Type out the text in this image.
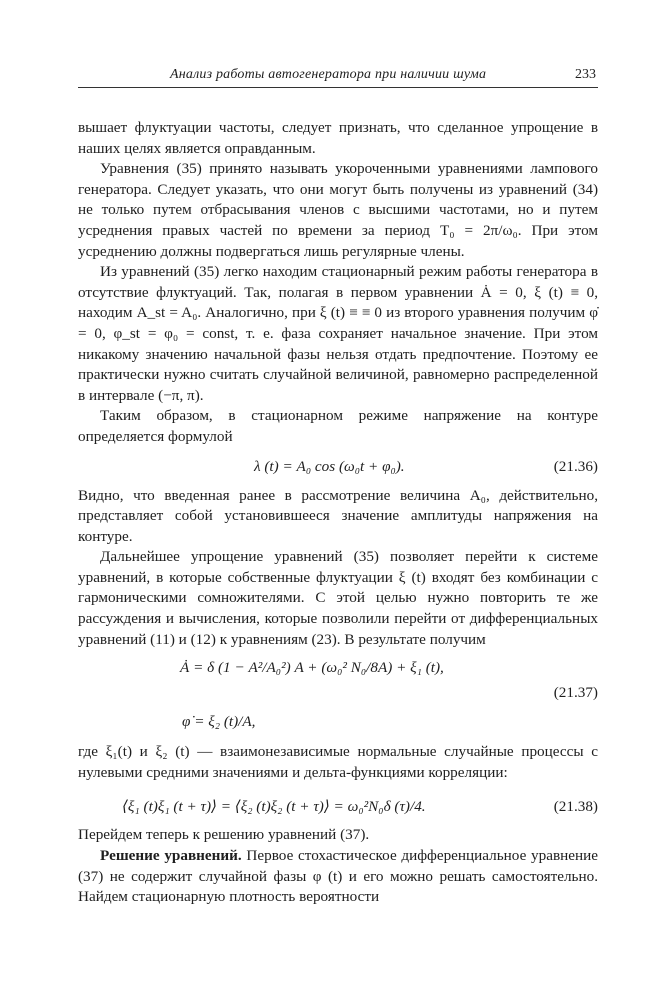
Анализ работы автогенератора при наличии шума	233

вышает флуктуации частоты, следует признать, что сделанное упрощение в наших целях является оправданным.

Уравнения (35) принято называть укороченными уравнениями лампового генератора. Следует указать, что они могут быть получены из уравнений (34) не только путем отбрасывания членов с высшими частотами, но и путем усреднения правых частей по времени за период T₀ = 2π/ω₀. При этом усреднению должны подвергаться лишь регулярные члены.

Из уравнений (35) легко находим стационарный режим работы генератора в отсутствие флуктуаций. Так, полагая в первом уравнении Ȧ = 0, ξ (t) ≡ 0, находим A_st = A₀. Аналогично, при ξ (t) ≡ ≡ 0 из второго уравнения получим φ̇ = 0, φ_st = φ₀ = const, т. е. фаза сохраняет начальное значение. При этом никакому значению начальной фазы нельзя отдать предпочтение. Поэтому ее практически нужно считать случайной величиной, равномерно распределенной в интервале (−π, π).

Таким образом, в стационарном режиме напряжение на контуре определяется формулой

λ (t) = A₀ cos (ω₀t + φ₀).	(21.36)

Видно, что введенная ранее в рассмотрение величина A₀, действительно, представляет собой установившееся значение амплитуды напряжения на контуре.

Дальнейшее упрощение уравнений (35) позволяет перейти к системе уравнений, в которые собственные флуктуации ξ (t) входят без комбинации с гармоническими сомножителями. С этой целью нужно повторить те же рассуждения и вычисления, которые позволили перейти от дифференциальных уравнений (11) и (12) к уравнениям (23). В результате получим

Ȧ = δ (1 − A²/A₀²) A + (ω₀² N₀/8A) + ξ₁ (t),
(21.37)
φ̇ = ξ₂ (t)/A,

где ξ₁(t) и ξ₂ (t) — взаимонезависимые нормальные случайные процессы с нулевыми средними значениями и дельта-функциями корреляции:

⟨ξ₁ (t)ξ₁ (t + τ)⟩ = ⟨ξ₂ (t)ξ₂ (t + τ)⟩ = ω₀²N₀δ (τ)/4.	(21.38)

Перейдем теперь к решению уравнений (37).

Решение уравнений. Первое стохастическое дифференциальное уравнение (37) не содержит случайной фазы φ (t) и его можно решать самостоятельно. Найдем стационарную плотность вероятности
